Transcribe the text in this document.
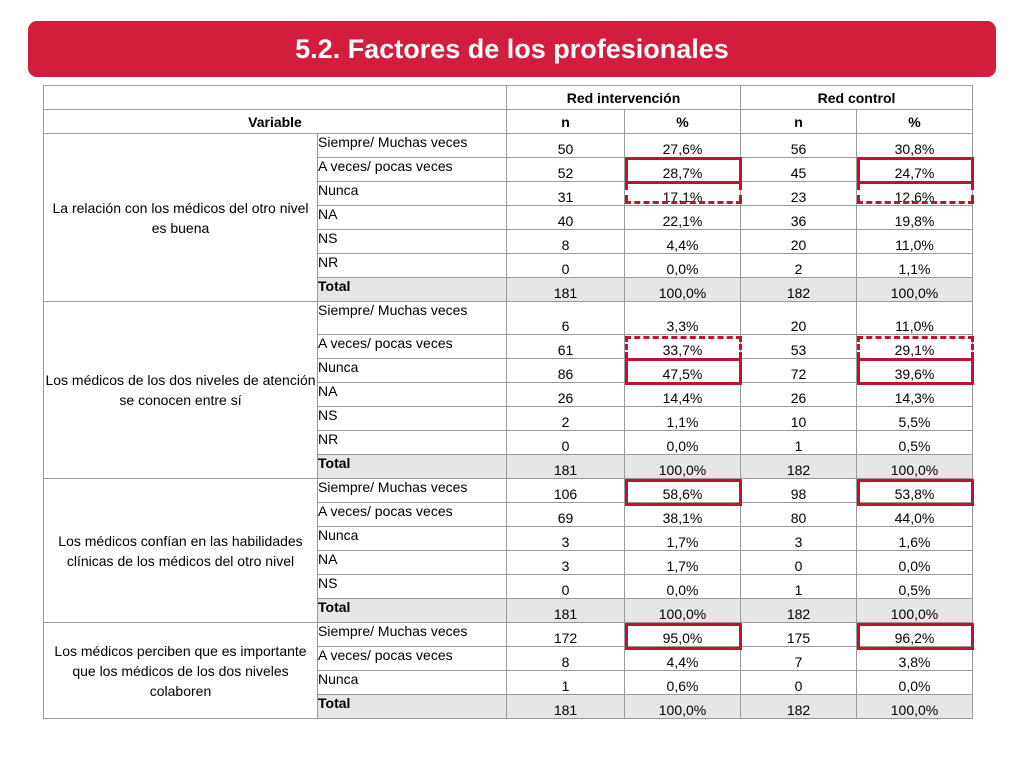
5.2. Factores de los profesionales
		Red intervención		Red control	
Variable		n	%	n	%
La relación con los médicos del otro nivel es buena	Siempre/ Muchas veces	50	27,6%	56	30,8%
	A veces/ pocas veces	52	28,7%	45	24,7%
	Nunca	31	17,1%	23	12,6%
	NA	40	22,1%	36	19,8%
	NS	8	4,4%	20	11,0%
	NR	0	0,0%	2	1,1%
	Total	181	100,0%	182	100,0%
Los médicos de los dos niveles de atención se conocen entre sí	Siempre/ Muchas veces	6	3,3%	20	11,0%
	A veces/ pocas veces	61	33,7%	53	29,1%
	Nunca	86	47,5%	72	39,6%
	NA	26	14,4%	26	14,3%
	NS	2	1,1%	10	5,5%
	NR	0	0,0%	1	0,5%
	Total	181	100,0%	182	100,0%
Los médicos confían en las habilidades clínicas de los médicos del otro nivel	Siempre/ Muchas veces	106	58,6%	98	53,8%
	A veces/ pocas veces	69	38,1%	80	44,0%
	Nunca	3	1,7%	3	1,6%
	NA	3	1,7%	0	0,0%
	NS	0	0,0%	1	0,5%
	Total	181	100,0%	182	100,0%
Los médicos perciben que es importante que los médicos de los dos niveles colaboren	Siempre/ Muchas veces	172	95,0%	175	96,2%
	A veces/ pocas veces	8	4,4%	7	3,8%
	Nunca	1	0,6%	0	0,0%
	Total	181	100,0%	182	100,0%
